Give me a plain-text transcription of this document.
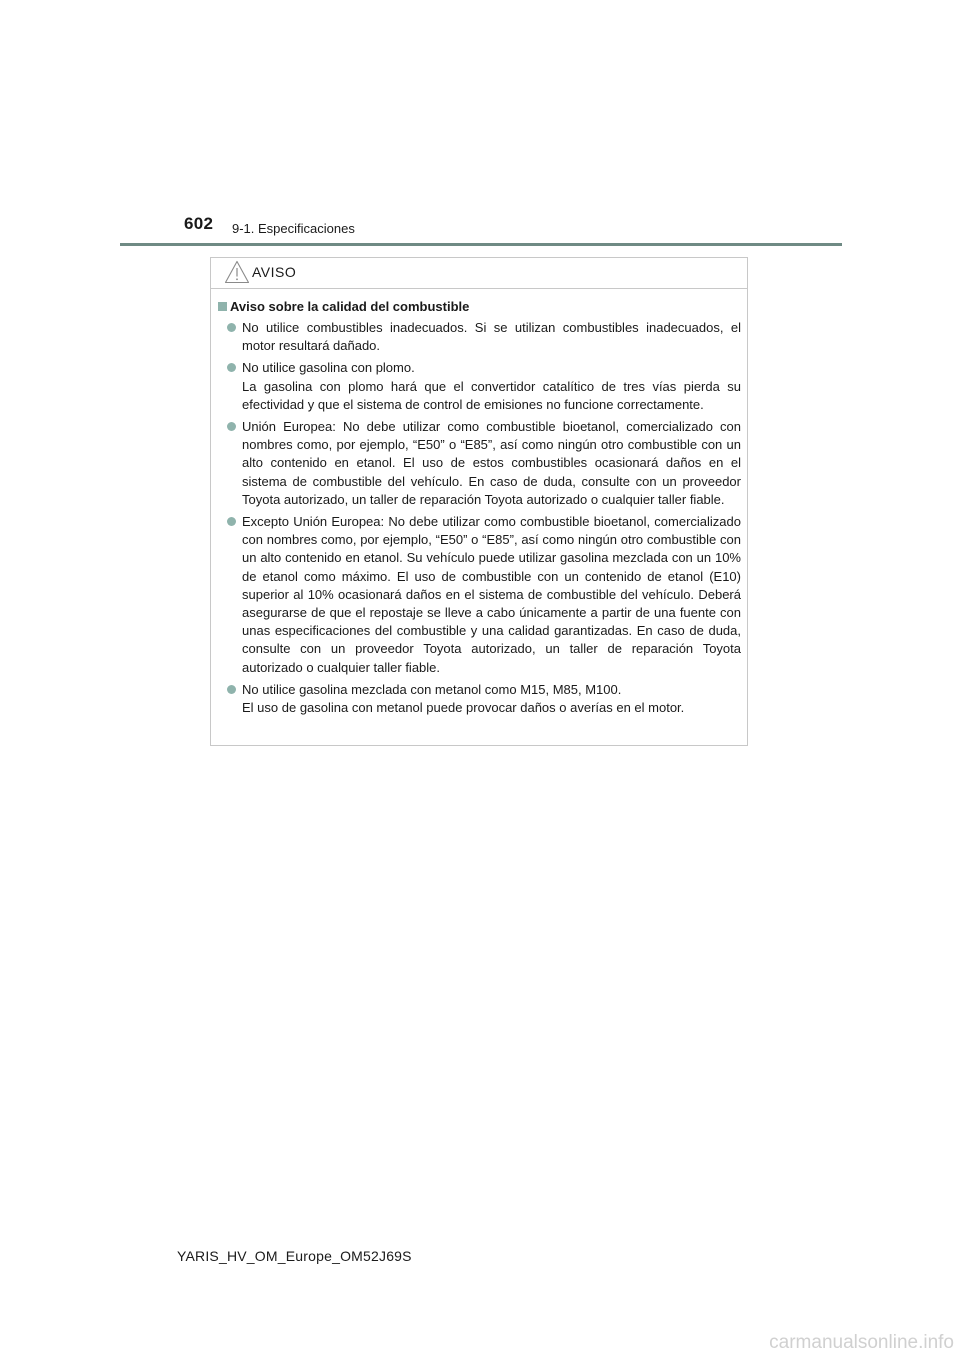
602 9-1. Especificaciones
AVISO
Aviso sobre la calidad del combustible

No utilice combustibles inadecuados. Si se utilizan combustibles inadecuados, el motor resultará dañado.

No utilice gasolina con plomo.

La gasolina con plomo hará que el convertidor catalítico de tres vías pierda su efectividad y que el sistema de control de emisiones no funcione correctamente.

Unión Europea: No debe utilizar como combustible bioetanol, comercializado con nombres como, por ejemplo, “E50” o “E85”, así como ningún otro combustible con un alto contenido en etanol. El uso de estos combustibles ocasionará daños en el sistema de combustible del vehículo. En caso de duda, consulte con un proveedor Toyota autorizado, un taller de reparación Toyota autorizado o cualquier taller fiable.

Excepto Unión Europea: No debe utilizar como combustible bioetanol, comercializado con nombres como, por ejemplo, “E50” o “E85”, así como ningún otro combustible con un alto contenido en etanol. Su vehículo puede utilizar gasolina mezclada con un 10% de etanol como máximo. El uso de combustible con un contenido de etanol (E10) superior al 10% ocasionará daños en el sistema de combustible del vehículo. Deberá asegurarse de que el repostaje se lleve a cabo únicamente a partir de una fuente con unas especificaciones del combustible y una calidad garantizadas. En caso de duda, consulte con un proveedor Toyota autorizado, un taller de reparación Toyota autorizado o cualquier taller fiable.

No utilice gasolina mezclada con metanol como M15, M85, M100.

El uso de gasolina con metanol puede provocar daños o averías en el motor.

YARIS_HV_OM_Europe_OM52J69S
carmanualsonline.info
